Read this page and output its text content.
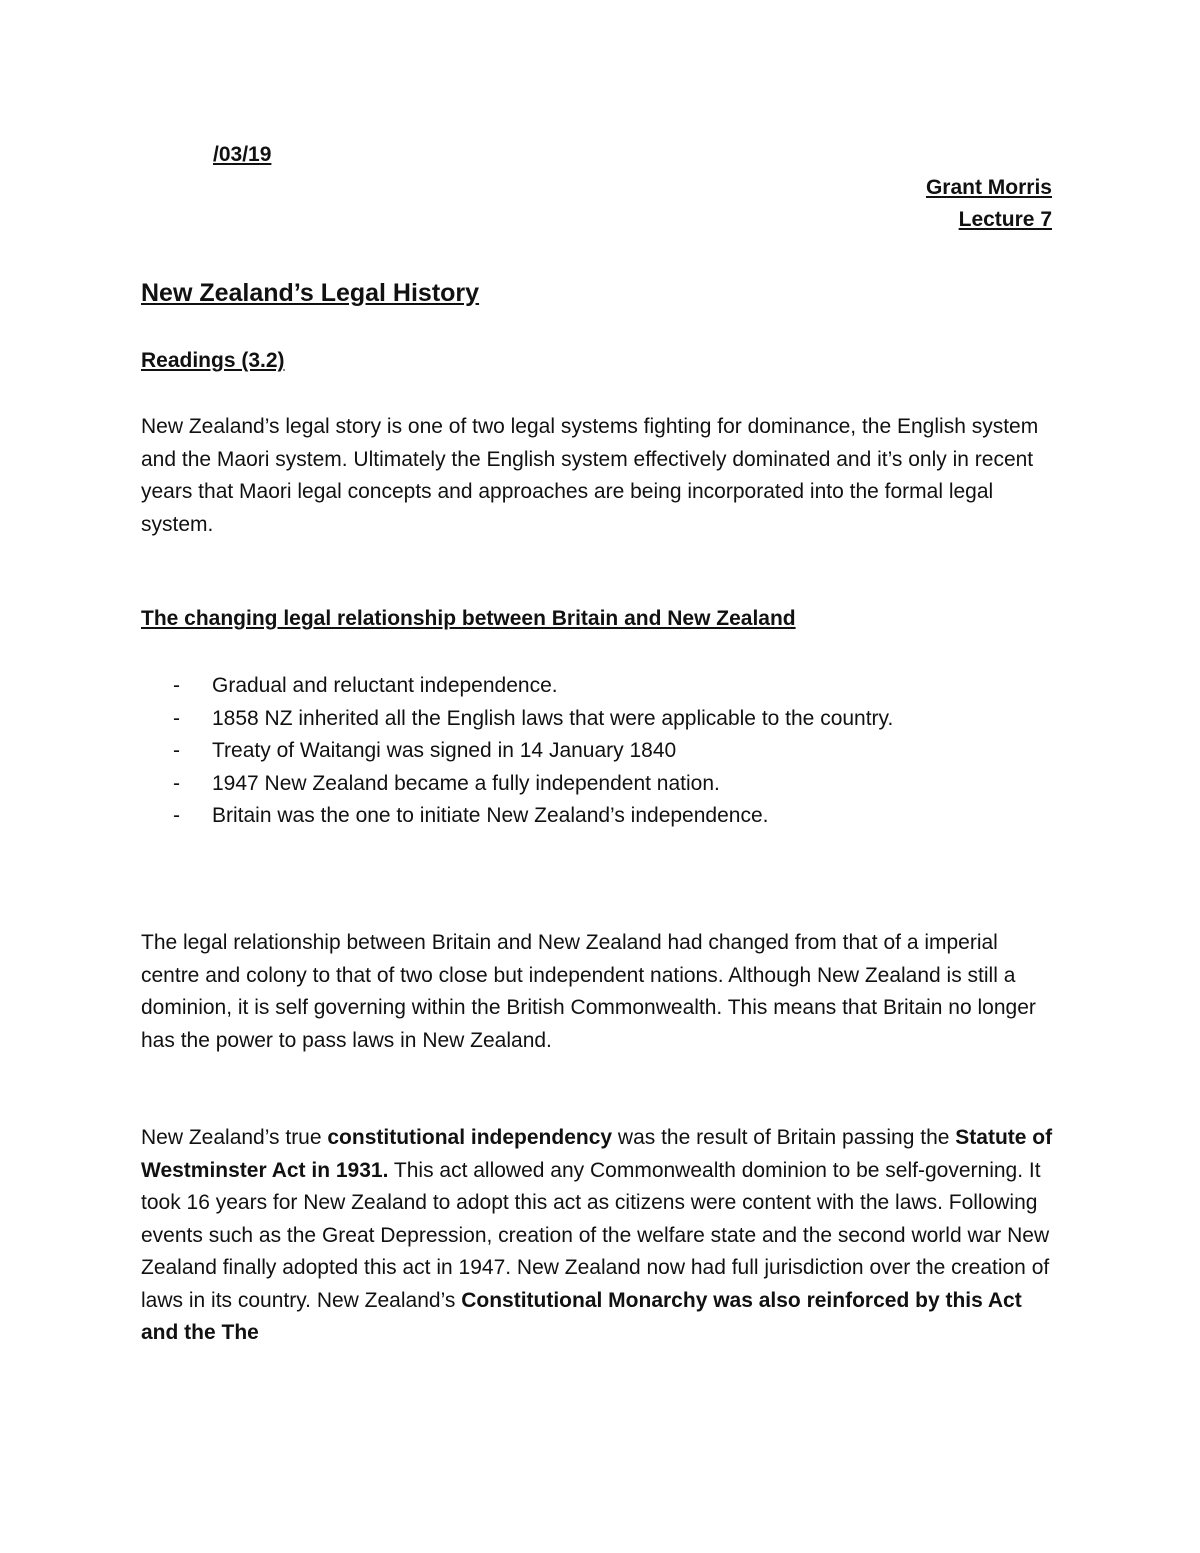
/03/19
Grant Morris
Lecture 7
New Zealand’s Legal History
Readings (3.2)
New Zealand’s legal story is one of two legal systems fighting for dominance, the English system and the Maori system. Ultimately the English system effectively dominated and it’s only in recent years that Maori legal concepts and approaches are being incorporated into the formal legal system.
The changing legal relationship between Britain and New Zealand
- Gradual and reluctant independence.
- 1858 NZ inherited all the English laws that were applicable to the country.
- Treaty of Waitangi was signed in 14 January 1840
- 1947 New Zealand became a fully independent nation.
- Britain was the one to initiate New Zealand’s independence.
The legal relationship between Britain and New Zealand had changed from that of a imperial centre and colony to that of two close but independent nations. Although New Zealand is still a dominion, it is self governing within the British Commonwealth. This means that Britain no longer has the power to pass laws in New Zealand.
New Zealand’s true constitutional independency was the result of Britain passing the Statute of Westminster Act in 1931. This act allowed any Commonwealth dominion to be self-governing. It took 16 years for New Zealand to adopt this act as citizens were content with the laws. Following events such as the Great Depression, creation of the welfare state and the second world war New Zealand finally adopted this act in 1947. New Zealand now had full jurisdiction over the creation of laws in its country. New Zealand’s Constitutional Monarchy was also reinforced by this Act and the The
